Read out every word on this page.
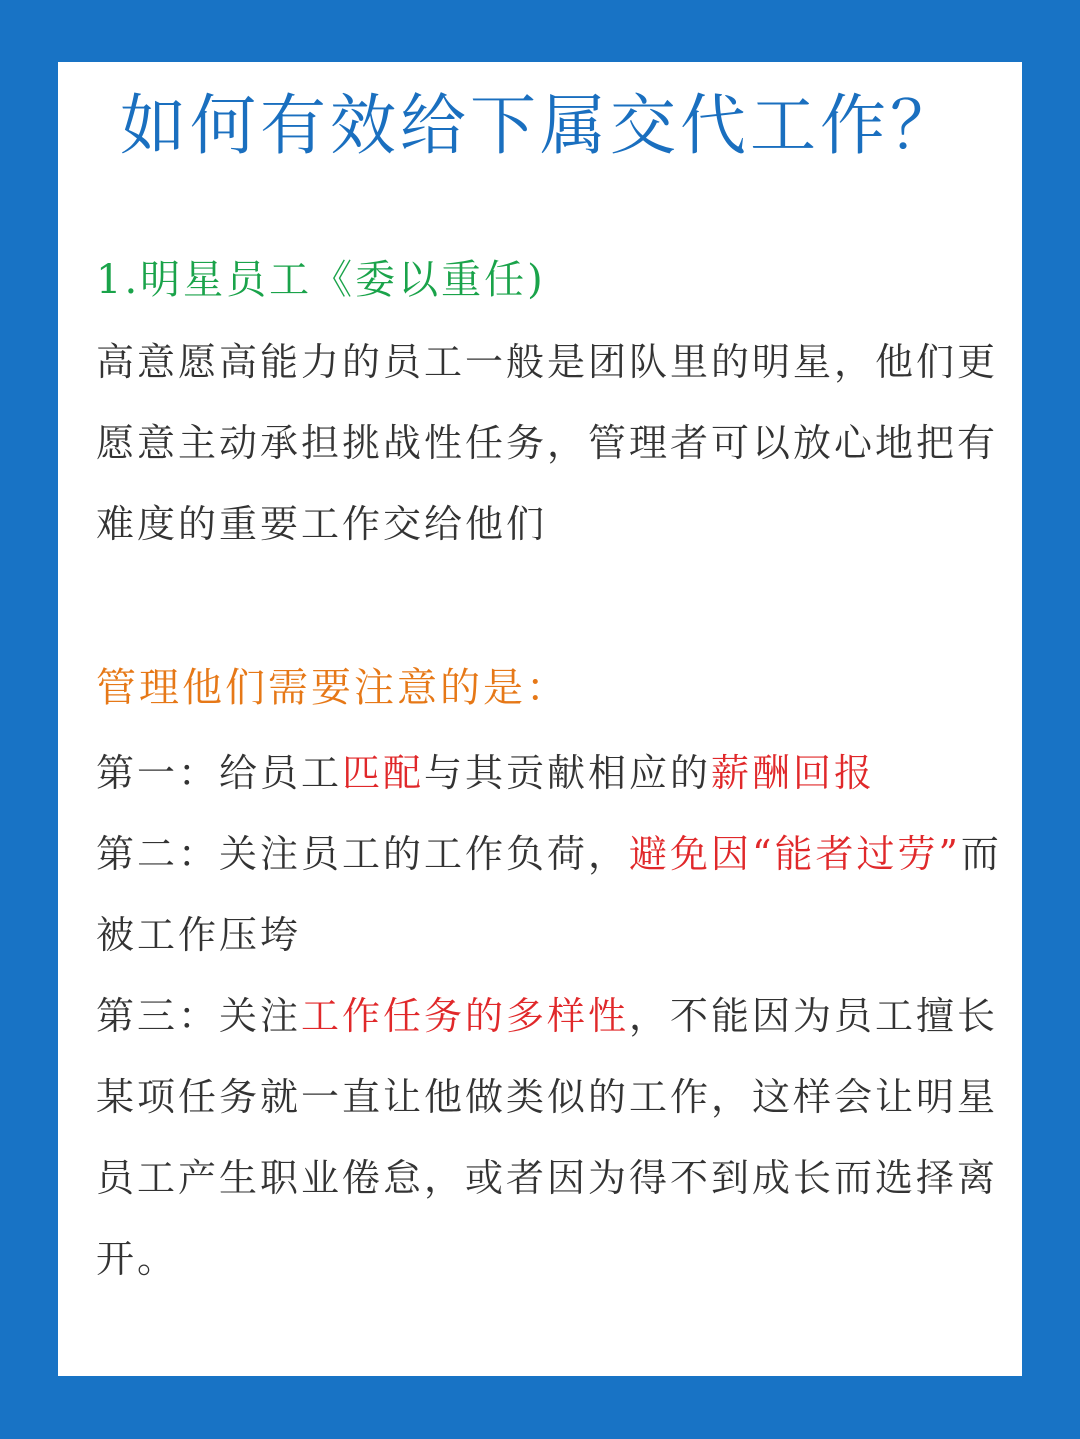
如何有效给下属交代工作？
1.明星员工《委以重任)
高意愿高能力的员工一般是团队里的明星，他们更愿意主动承担挑战性任务，管理者可以放心地把有难度的重要工作交给他们
管理他们需要注意的是：
第一：给员工匹配与其贡献相应的薪酬回报
第二：关注员工的工作负荷，避免因“能者过劳”而被工作压垮
第三：关注工作任务的多样性，不能因为员工擅长某项任务就一直让他做类似的工作，这样会让明星员工产生职业倦怠，或者因为得不到成长而选择离开。
